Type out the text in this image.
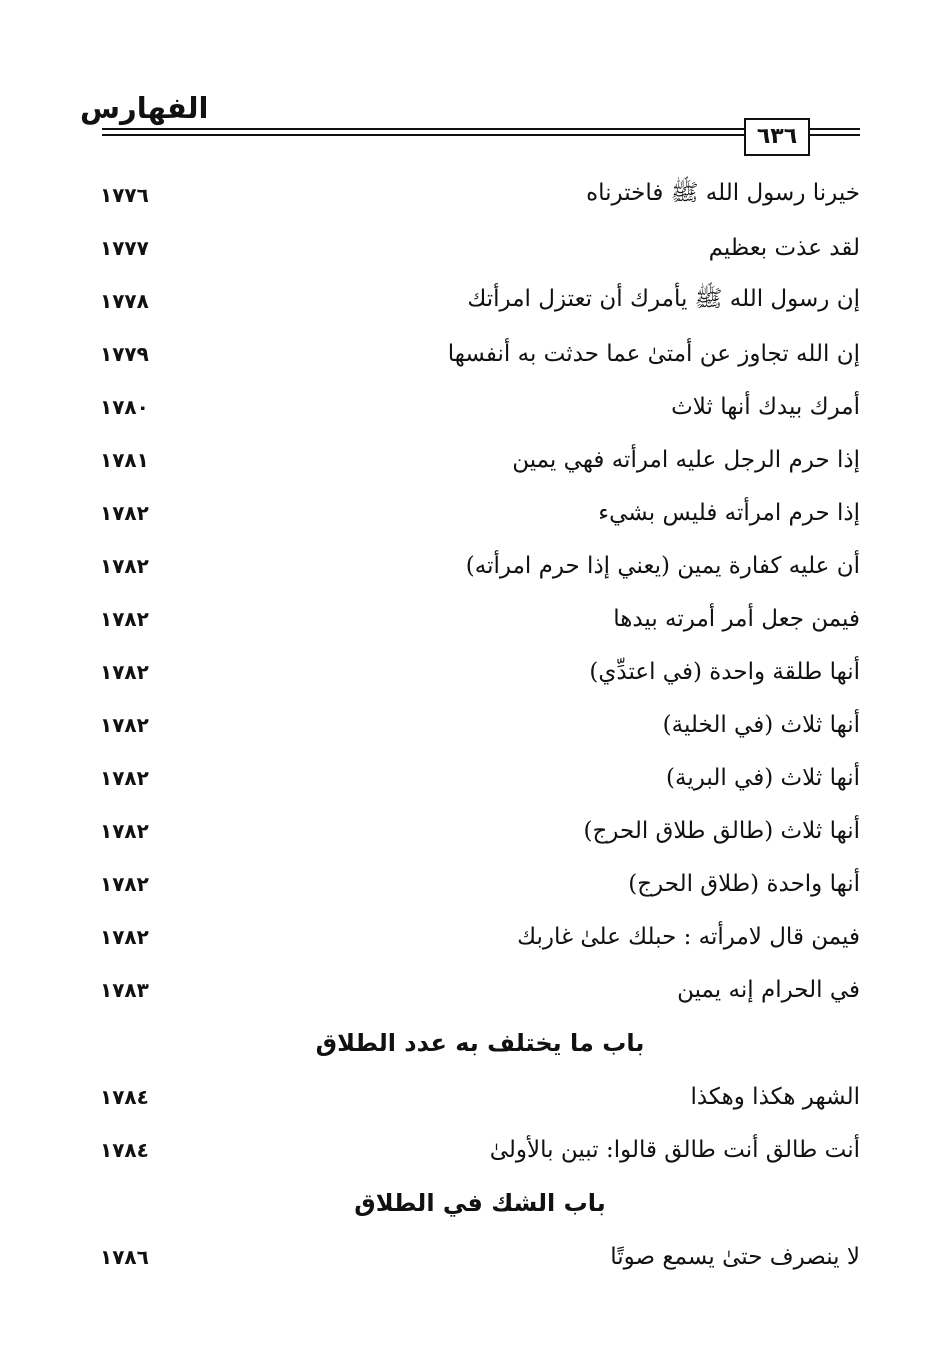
الفهارس
٦٣٦
خيرنا رسول الله ﷺ فاخترناه
١٧٧٦
لقد عذت بعظيم
١٧٧٧
إن رسول الله ﷺ يأمرك أن تعتزل امرأتك
١٧٧٨
إن الله تجاوز عن أمتىٰ عما حدثت به أنفسها
١٧٧٩
أمرك بيدك أنها ثلاث
١٧٨٠
إذا حرم الرجل عليه امرأته فهي يمين
١٧٨١
إذا حرم امرأته فليس بشيء
١٧٨٢
أن عليه كفارة يمين (يعني إذا حرم امرأته)
١٧٨٢
فيمن جعل أمر أمرته بيدها
١٧٨٢
أنها طلقة واحدة (في اعتدِّي)
١٧٨٢
أنها ثلاث (في الخلية)
١٧٨٢
أنها ثلاث (في البرية)
١٧٨٢
أنها ثلاث (طالق طلاق الحرج)
١٧٨٢
أنها واحدة (طلاق الحرج)
١٧٨٢
فيمن قال لامرأته : حبلك علىٰ غاربك
١٧٨٢
في الحرام إنه يمين
١٧٨٣
باب ما يختلف به عدد الطلاق
الشهر هكذا وهكذا
١٧٨٤
أنت طالق أنت طالق قالوا: تبين بالأولىٰ
١٧٨٤
باب الشك في الطلاق
لا ينصرف حتىٰ يسمع صوتًا
١٧٨٦
